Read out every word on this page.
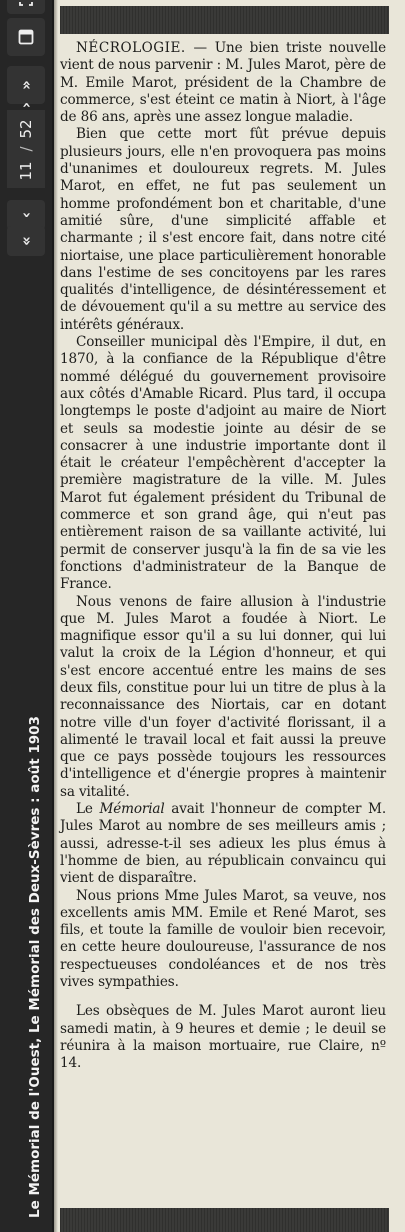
»
›
11
/
52
‹
«
Le Mémorial de l'Ouest, Le Mémorial des Deux-Sèvres : août 1903

NÉCROLOGIE. — Une bien triste nouvelle vient de nous parvenir : M. Jules Marot, père de M. Emile Marot, président de la Chambre de commerce, s'est éteint ce matin à Niort, à l'âge de 86 ans, après une assez longue maladie.

Bien que cette mort fût prévue depuis plusieurs jours, elle n'en provoquera pas moins d'unanimes et douloureux regrets. M. Jules Marot, en effet, ne fut pas seulement un homme profondément bon et charitable, d'une amitié sûre, d'une simplicité affable et charmante ; il s'est encore fait, dans notre cité niortaise, une place particulièrement honorable dans l'estime de ses concitoyens par les rares qualités d'intelligence, de désintéressement et de dévouement qu'il a su mettre au service des intérêts généraux.

Conseiller municipal dès l'Empire, il dut, en 1870, à la confiance de la République d'être nommé délégué du gouvernement provisoire aux côtés d'Amable Ricard. Plus tard, il occupa longtemps le poste d'adjoint au maire de Niort et seuls sa modestie jointe au désir de se consacrer à une industrie importante dont il était le créateur l'empêchèrent d'accepter la première magistrature de la ville. M. Jules Marot fut également président du Tribunal de commerce et son grand âge, qui n'eut pas entièrement raison de sa vaillante activité, lui permit de conserver jusqu'à la fin de sa vie les fonctions d'administrateur de la Banque de France.

Nous venons de faire allusion à l'industrie que M. Jules Marot a foudée à Niort. Le magnifique essor qu'il a su lui donner, qui lui valut la croix de la Légion d'honneur, et qui s'est encore accentué entre les mains de ses deux fils, constitue pour lui un titre de plus à la reconnaissance des Niortais, car en dotant notre ville d'un foyer d'activité florissant, il a alimenté le travail local et fait aussi la preuve que ce pays possède toujours les ressources d'intelligence et d'énergie propres à maintenir sa vitalité.

Le Mémorial avait l'honneur de compter M. Jules Marot au nombre de ses meilleurs amis ; aussi, adresse-t-il ses adieux les plus émus à l'homme de bien, au républicain convaincu qui vient de disparaître.

Nous prions Mme Jules Marot, sa veuve, nos excellents amis MM. Emile et René Marot, ses fils, et toute la famille de vouloir bien recevoir, en cette heure douloureuse, l'assurance de nos respectueuses condoléances et de nos très vives sympathies.

Les obsèques de M. Jules Marot auront lieu samedi matin, à 9 heures et demie ; le deuil se réunira à la maison mortuaire, rue Claire, nº 14.
